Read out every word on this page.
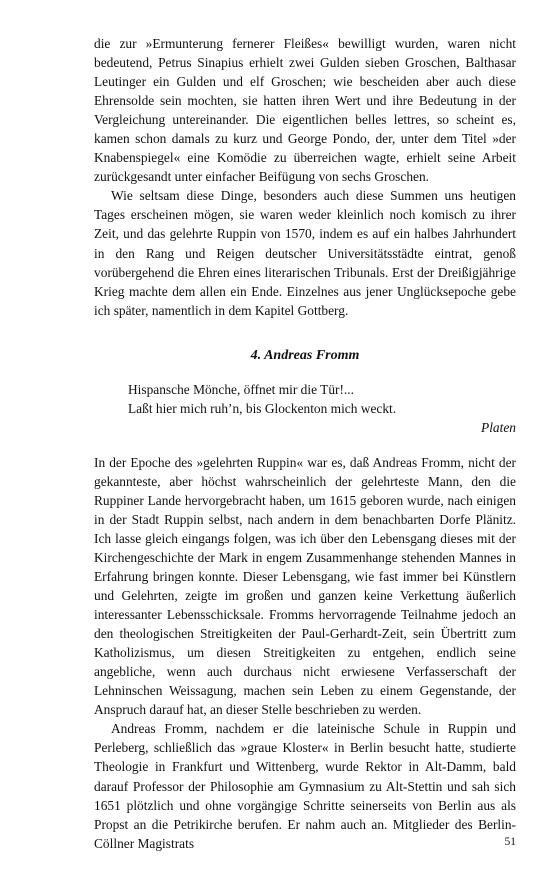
die zur »Ermunterung fernerer Fleißes« bewilligt wurden, waren nicht bedeutend, Petrus Sinapius erhielt zwei Gulden sieben Groschen, Balthasar Leutinger ein Gulden und elf Groschen; wie bescheiden aber auch diese Ehrensolde sein mochten, sie hatten ihren Wert und ihre Bedeutung in der Vergleichung untereinander. Die eigentlichen belles lettres, so scheint es, kamen schon damals zu kurz und George Pondo, der, unter dem Titel »der Knabenspiegel« eine Komödie zu überreichen wagte, erhielt seine Arbeit zurückgesandt unter einfacher Beifügung von sechs Groschen.

Wie seltsam diese Dinge, besonders auch diese Summen uns heutigen Tages erscheinen mögen, sie waren weder kleinlich noch komisch zu ihrer Zeit, und das gelehrte Ruppin von 1570, indem es auf ein halbes Jahrhundert in den Rang und Reigen deutscher Universitätsstädte eintrat, genoß vorübergehend die Ehren eines literarischen Tribunals. Erst der Dreißigjährige Krieg machte dem allen ein Ende. Einzelnes aus jener Unglücksepoche gebe ich später, namentlich in dem Kapitel Gottberg.

4. Andreas Fromm
Hispansche Mönche, öffnet mir die Tür!...
Laßt hier mich ruh’n, bis Glockenton mich weckt.
Platen

In der Epoche des »gelehrten Ruppin« war es, daß Andreas Fromm, nicht der gekannteste, aber höchst wahrscheinlich der gelehrteste Mann, den die Ruppiner Lande hervorgebracht haben, um 1615 geboren wurde, nach einigen in der Stadt Ruppin selbst, nach andern in dem benachbarten Dorfe Plänitz. Ich lasse gleich eingangs folgen, was ich über den Lebensgang dieses mit der Kirchengeschichte der Mark in engem Zusammenhange stehenden Mannes in Erfahrung bringen konnte. Dieser Lebensgang, wie fast immer bei Künstlern und Gelehrten, zeigte im großen und ganzen keine Verkettung äußerlich interessanter Lebensschicksale. Fromms hervorragende Teilnahme jedoch an den theologischen Streitigkeiten der Paul-Gerhardt-Zeit, sein Übertritt zum Katholizismus, um diesen Streitigkeiten zu entgehen, endlich seine angebliche, wenn auch durchaus nicht erwiesene Verfasserschaft der Lehninschen Weissagung, machen sein Leben zu einem Gegenstande, der Anspruch darauf hat, an dieser Stelle beschrieben zu werden.

Andreas Fromm, nachdem er die lateinische Schule in Ruppin und Perleberg, schließlich das »graue Kloster« in Berlin besucht hatte, studierte Theologie in Frankfurt und Wittenberg, wurde Rektor in Alt-Damm, bald darauf Professor der Philosophie am Gymnasium zu Alt-Stettin und sah sich 1651 plötzlich und ohne vorgängige Schritte seinerseits von Berlin aus als Propst an die Petrikirche berufen. Er nahm auch an. Mitglieder des Berlin-Cöllner Magistrats	51
